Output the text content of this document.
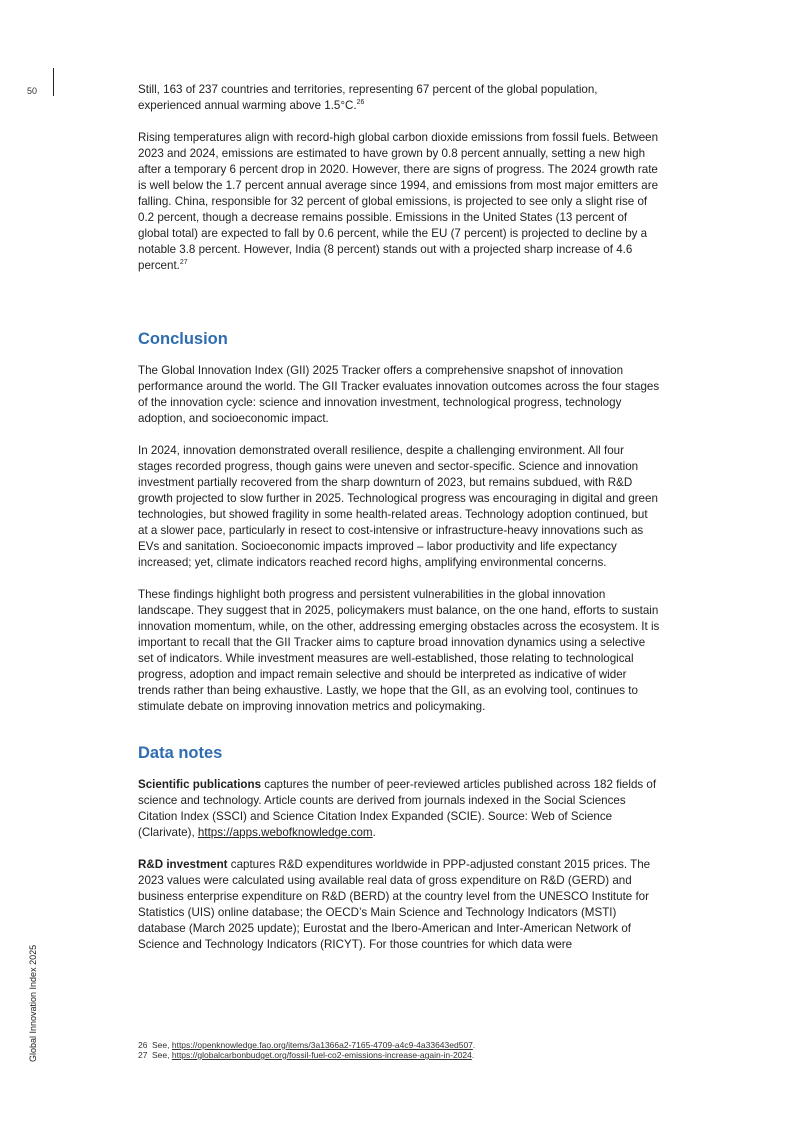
50
Global Innovation Index 2025

Still, 163 of 237 countries and territories, representing 67 percent of the global population, experienced annual warming above 1.5°C.$^{26}$

Rising temperatures align with record-high global carbon dioxide emissions from fossil fuels. Between 2023 and 2024, emissions are estimated to have grown by 0.8 percent annually, setting a new high after a temporary 6 percent drop in 2020. However, there are signs of progress. The 2024 growth rate is well below the 1.7 percent annual average since 1994, and emissions from most major emitters are falling. China, responsible for 32 percent of global emissions, is projected to see only a slight rise of 0.2 percent, though a decrease remains possible. Emissions in the United States (13 percent of global total) are expected to fall by 0.6 percent, while the EU (7 percent) is projected to decline by a notable 3.8 percent. However, India (8 percent) stands out with a projected sharp increase of 4.6 percent.$^{27}$

Conclusion

The Global Innovation Index (GII) 2025 Tracker offers a comprehensive snapshot of innovation performance around the world. The GII Tracker evaluates innovation outcomes across the four stages of the innovation cycle: science and innovation investment, technological progress, technology adoption, and socioeconomic impact.

In 2024, innovation demonstrated overall resilience, despite a challenging environment. All four stages recorded progress, though gains were uneven and sector-specific. Science and innovation investment partially recovered from the sharp downturn of 2023, but remains subdued, with R&D growth projected to slow further in 2025. Technological progress was encouraging in digital and green technologies, but showed fragility in some health-related areas. Technology adoption continued, but at a slower pace, particularly in resect to cost-intensive or infrastructure-heavy innovations such as EVs and sanitation. Socioeconomic impacts improved – labor productivity and life expectancy increased; yet, climate indicators reached record highs, amplifying environmental concerns.

These findings highlight both progress and persistent vulnerabilities in the global innovation landscape. They suggest that in 2025, policymakers must balance, on the one hand, efforts to sustain innovation momentum, while, on the other, addressing emerging obstacles across the ecosystem. It is important to recall that the GII Tracker aims to capture broad innovation dynamics using a selective set of indicators. While investment measures are well-established, those relating to technological progress, adoption and impact remain selective and should be interpreted as indicative of wider trends rather than being exhaustive. Lastly, we hope that the GII, as an evolving tool, continues to stimulate debate on improving innovation metrics and policymaking.

Data notes

Scientific publications captures the number of peer-reviewed articles published across 182 fields of science and technology. Article counts are derived from journals indexed in the Social Sciences Citation Index (SSCI) and Science Citation Index Expanded (SCIE). Source: Web of Science (Clarivate), https://apps.webofknowledge.com.

R&D investment captures R&D expenditures worldwide in PPP-adjusted constant 2015 prices. The 2023 values were calculated using available real data of gross expenditure on R&D (GERD) and business enterprise expenditure on R&D (BERD) at the country level from the UNESCO Institute for Statistics (UIS) online database; the OECD’s Main Science and Technology Indicators (MSTI) database (March 2025 update); Eurostat and the Ibero-American and Inter-American Network of Science and Technology Indicators (RICYT). For those countries for which data were

26 See, https://openknowledge.fao.org/items/3a1366a2-7165-4709-a4c9-4a33643ed507.
27 See, https://globalcarbonbudget.org/fossil-fuel-co2-emissions-increase-again-in-2024.
